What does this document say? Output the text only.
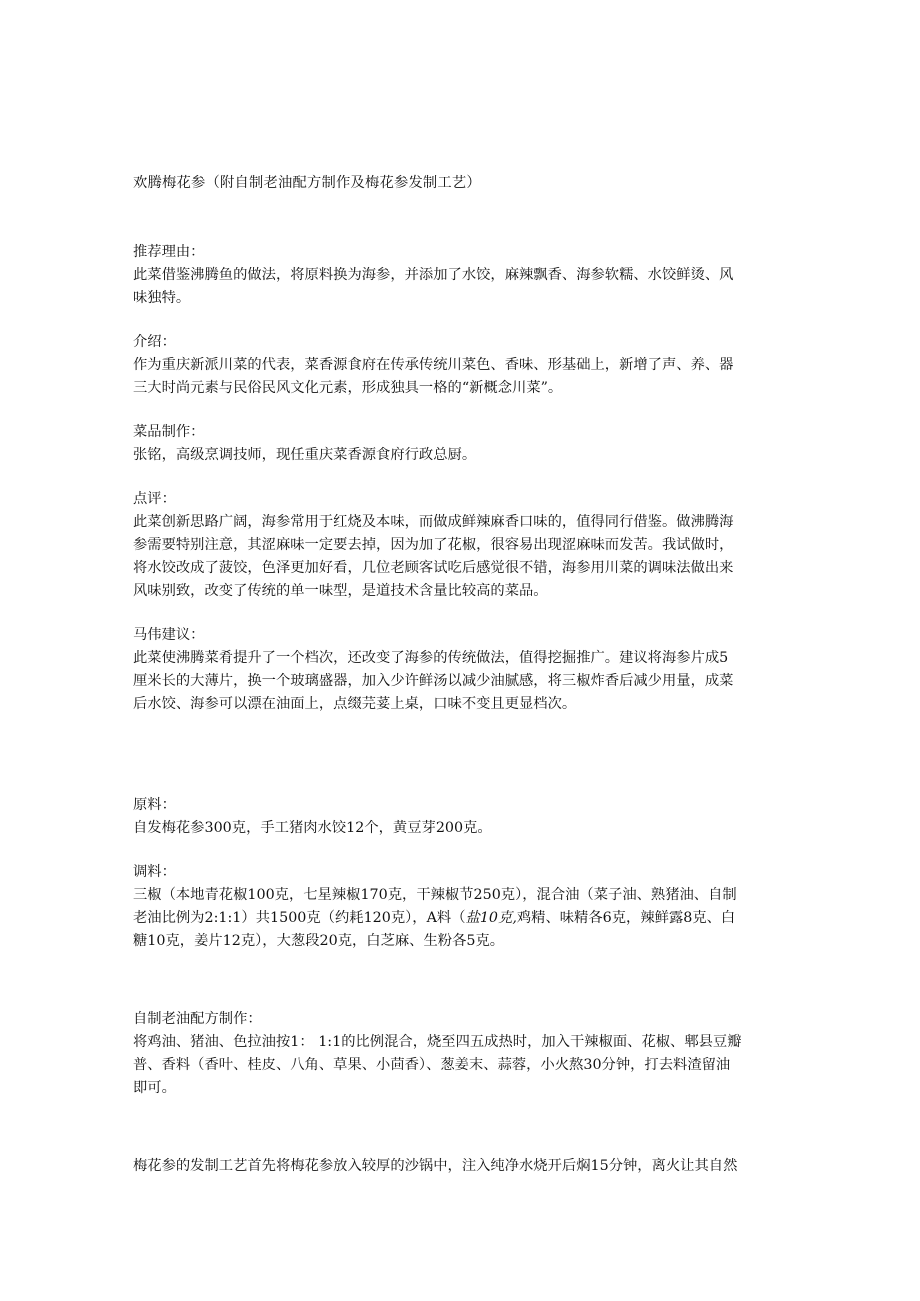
欢腾梅花参（附自制老油配方制作及梅花参发制工艺）
推荐理由：
此菜借鉴沸腾鱼的做法，将原料换为海参，并添加了水饺，麻辣飘香、海参软糯、水饺鲜烫、风
味独特。
介绍：
作为重庆新派川菜的代表，菜香源食府在传承传统川菜色、香味、形基础上，新增了声、养、器
三大时尚元素与民俗民风文化元素，形成独具一格的“新概念川菜”。
菜品制作：
张铭，高级烹调技师，现任重庆菜香源食府行政总厨。
点评：
此菜创新思路广阔，海参常用于红烧及本味，而做成鲜辣麻香口味的，值得同行借鉴。做沸腾海
参需要特别注意，其涩麻味一定要去掉，因为加了花椒，很容易出现涩麻味而发苦。我试做时，
将水饺改成了菠饺，色泽更加好看，几位老顾客试吃后感觉很不错，海参用川菜的调味法做出来
风味别致，改变了传统的单一味型，是道技术含量比较高的菜品。
马伟建议：
此菜使沸腾菜肴提升了一个档次，还改变了海参的传统做法，值得挖掘推广。建议将海参片成5
厘米长的大薄片，换一个玻璃盛器，加入少许鲜汤以减少油腻感，将三椒炸香后减少用量，成菜
后水饺、海参可以漂在油面上，点缀芫荽上桌，口味不变且更显档次。
原料：
自发梅花参300克，手工猪肉水饺12个，黄豆芽200克。
调料：
三椒（本地青花椒100克，七星辣椒170克，干辣椒节250克），混合油（菜子油、熟猪油、自制
老油比例为2:1:1）共1500克（约耗120克），A料（盐10克,鸡精、味精各6克，辣鲜露8克、白
糖10克，姜片12克），大葱段20克，白芝麻、生粉各5克。
自制老油配方制作：
将鸡油、猪油、色拉油按1： 1:1的比例混合，烧至四五成热时，加入干辣椒面、花椒、郫县豆瓣
普、香料（香叶、桂皮、八角、草果、小茴香）、葱姜末、蒜蓉，小火熬30分钟，打去料渣留油
即可。
梅花参的发制工艺首先将梅花参放入较厚的沙锅中，注入纯净水烧开后焖15分钟，离火让其自然
